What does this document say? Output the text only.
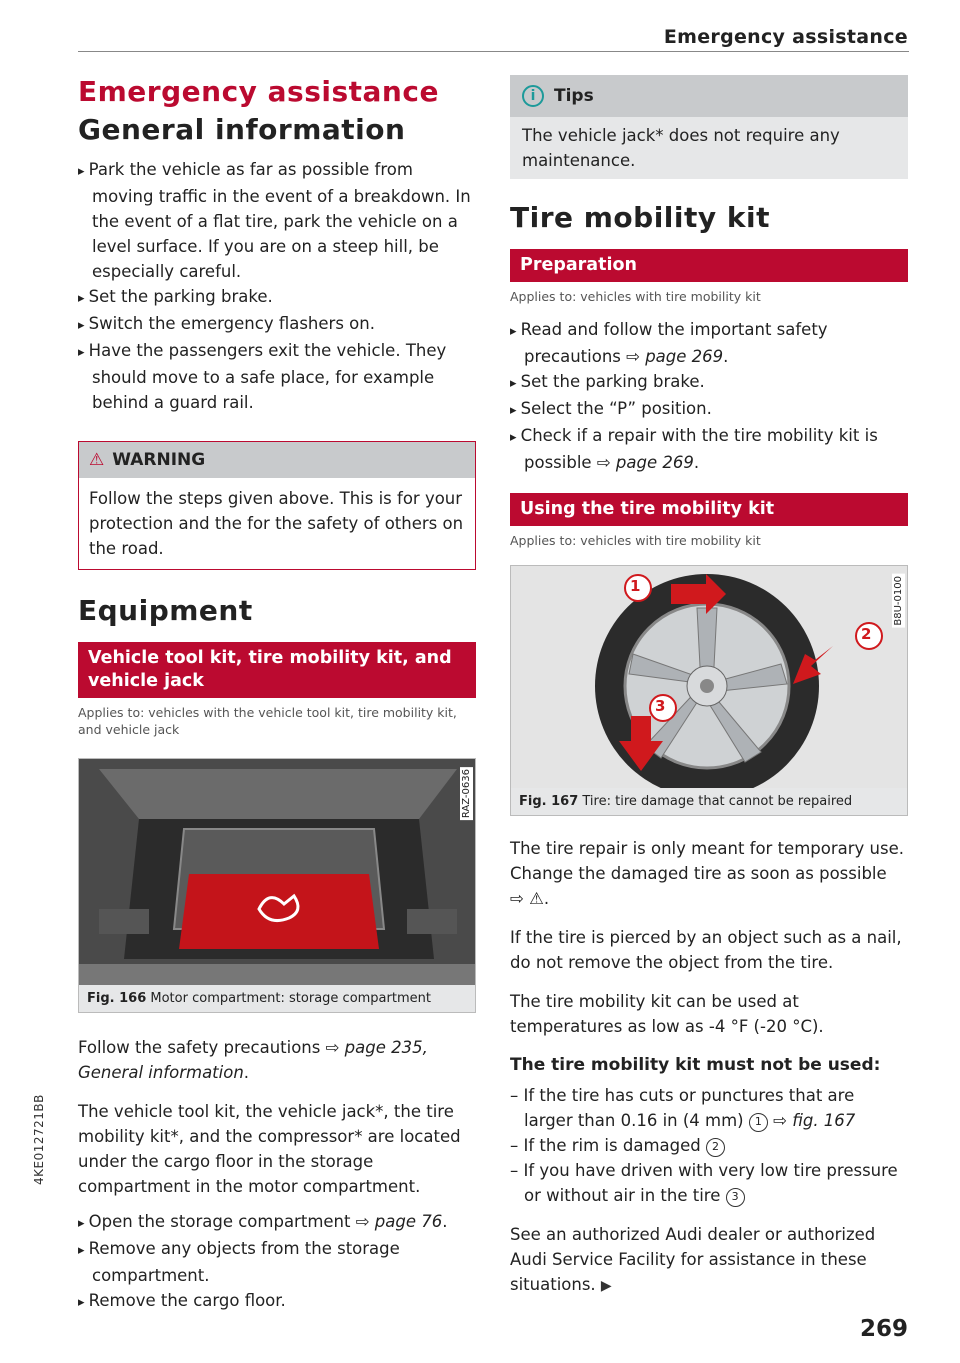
Emergency assistance
4KE012721BB
269
Emergency assistance
General information
▸ Park the vehicle as far as possible from moving traffic in the event of a breakdown. In the event of a flat tire, park the vehicle on a level surface. If you are on a steep hill, be especially careful.
▸ Set the parking brake.
▸ Switch the emergency flashers on.
▸ Have the passengers exit the vehicle. They should move to a safe place, for example behind a guard rail.
⚠ WARNING
Follow the steps given above. This is for your protection and the for the safety of others on the road.
Equipment
Vehicle tool kit, tire mobility kit, and vehicle jack
Applies to: vehicles with the vehicle tool kit, tire mobility kit, and vehicle jack
RAZ-0636
Fig. 166 Motor compartment: storage compartment

Follow the safety precautions ⇨ page 235, General information.

The vehicle tool kit, the vehicle jack*, the tire mobility kit*, and the compressor* are located under the cargo floor in the storage compartment in the motor compartment.

▸ Open the storage compartment ⇨ page 76.
▸ Remove any objects from the storage compartment.
▸ Remove the cargo floor.
i	Tips
The vehicle jack* does not require any maintenance.
Tire mobility kit
Preparation
Applies to: vehicles with tire mobility kit
▸ Read and follow the important safety precautions ⇨ page 269.
▸ Set the parking brake.
▸ Select the “P” position.
▸ Check if a repair with the tire mobility kit is possible ⇨ page 269.
Using the tire mobility kit
Applies to: vehicles with tire mobility kit
1
2
3
B8U-0100
Fig. 167 Tire: tire damage that cannot be repaired

The tire repair is only meant for temporary use. Change the damaged tire as soon as possible
⇨ ⚠.

If the tire is pierced by an object such as a nail, do not remove the object from the tire.

The tire mobility kit can be used at temperatures as low as -4 °F (-20 °C).

The tire mobility kit must not be used:
– If the tire has cuts or punctures that are larger than 0.16 in (4 mm) 1 ⇨ fig. 167
– If the rim is damaged 2
– If you have driven with very low tire pressure or without air in the tire 3

See an authorized Audi dealer or authorized Audi Service Facility for assistance in these situations. ▶
